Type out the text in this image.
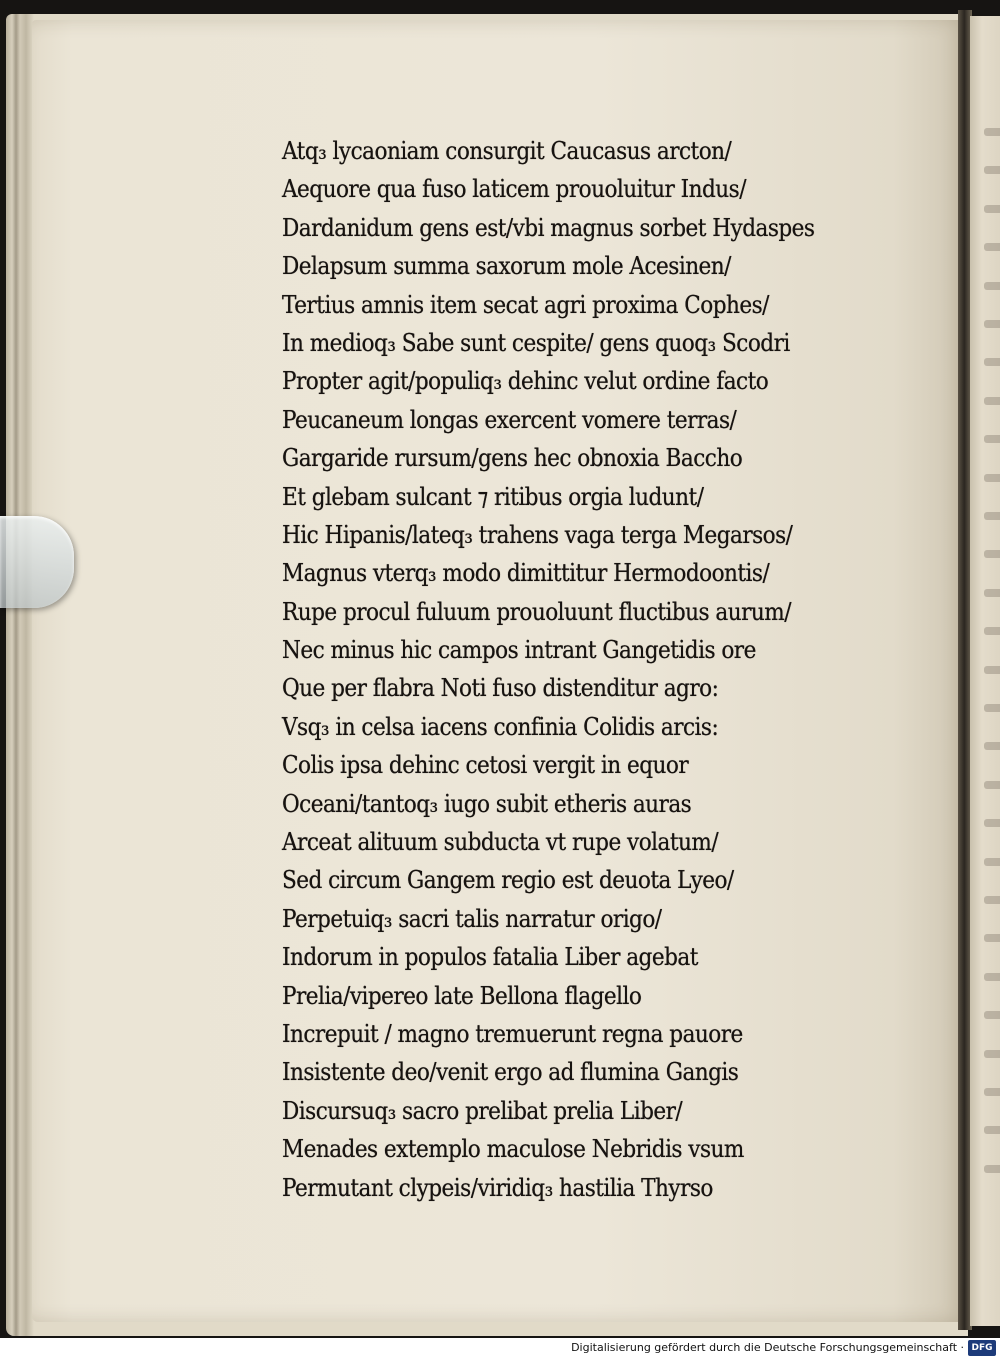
Atq₃ lycaoniam consurgit Caucasus arcton/
Aequore qua fuso laticem prouoluitur Indus/
Dardanidum gens est/vbi magnus sorbet Hydaspes
Delapsum summa saxorum mole Acesinen/
Tertius amnis item secat agri proxima Cophes/
In medioq₃ Sabe sunt cespite/ gens quoq₃ Scodri
Propter agit/populiq₃ dehinc velut ordine facto
Peucaneum longas exercent vomere terras/
Gargaride rursum/gens hec obnoxia Baccho
Et glebam sulcant ⁊ ritibus orgia ludunt/
Hic Hipanis/lateq₃ trahens vaga terga Megarsos/
Magnus vterq₃ modo dimittitur Hermodoontis/
Rupe procul fuluum prouoluunt fluctibus aurum/
Nec minus hic campos intrant Gangetidis ore
Que per flabra Noti fuso distenditur agro:
Vsq₃ in celsa iacens confinia Colidis arcis:
Colis ipsa dehinc cetosi vergit in equor
Oceani/tantoq₃ iugo subit etheris auras
Arceat alituum subducta vt rupe volatum/
Sed circum Gangem regio est deuota Lyeo/
Perpetuiq₃ sacri talis narratur origo/
Indorum in populos fatalia Liber agebat
Prelia/vipereo late Bellona flagello
Increpuit / magno tremuerunt regna pauore
Insistente deo/venit ergo ad flumina Gangis
Discursuq₃ sacro prelibat prelia Liber/
Menades extemplo maculose Nebridis vsum
Permutant clypeis/viridiq₃ hastilia Thyrso
Digitalisierung gefördert durch die Deutsche Forschungsgemeinschaft · DFG
